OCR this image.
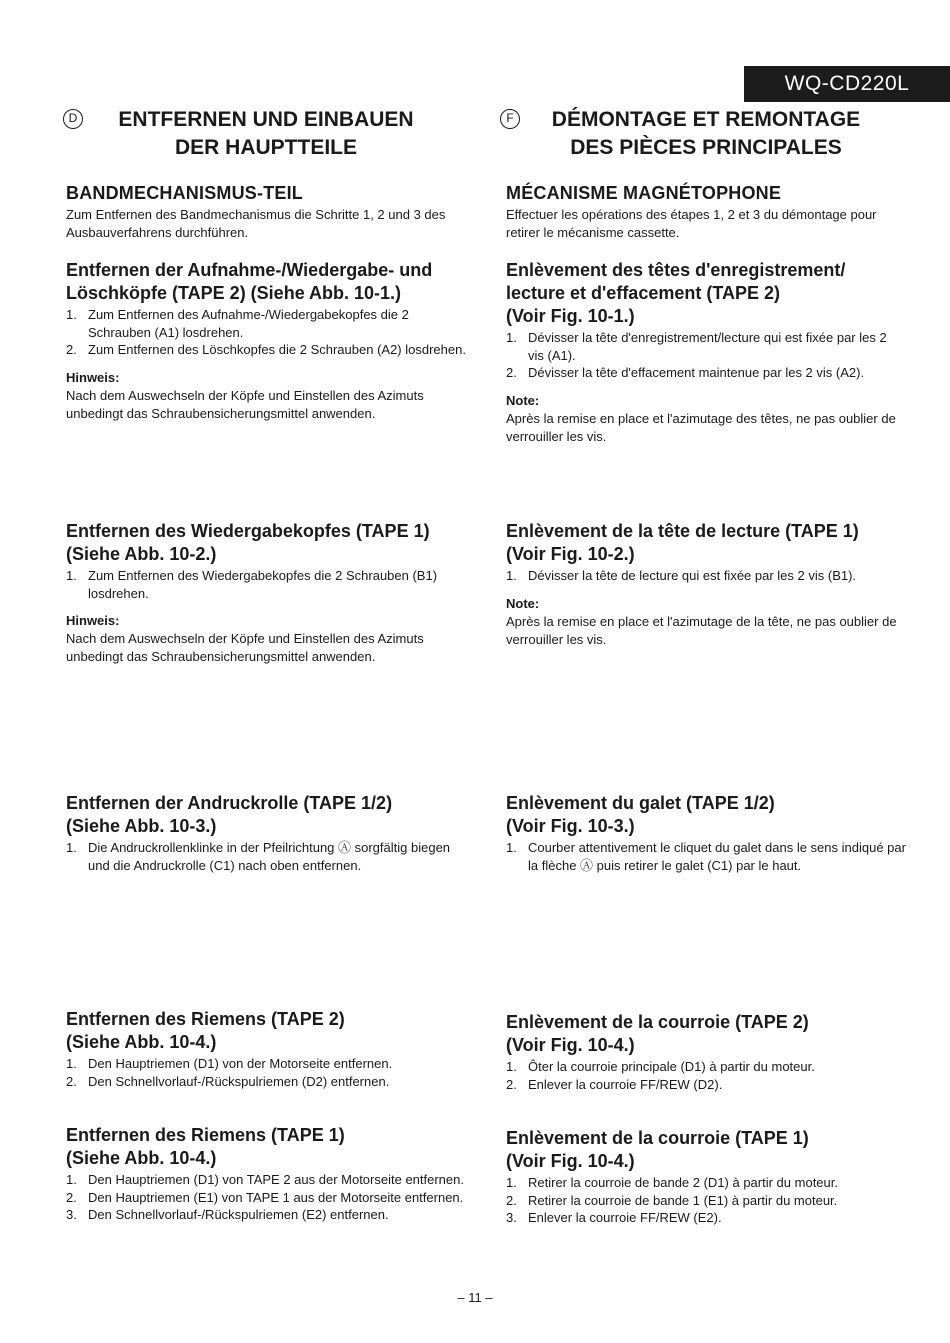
WQ-CD220L
D	ENTFERNEN UND EINBAUEN
DER HAUPTTEILE
BANDMECHANISMUS-TEIL
Zum Entfernen des Bandmechanismus die Schritte 1, 2 und 3 des Ausbauverfahrens durchführen.
Entfernen der Aufnahme-/Wiedergabe- und
Löschköpfe (TAPE 2) (Siehe Abb. 10-1.)
1. Zum Entfernen des Aufnahme-/Wiedergabekopfes die 2 Schrauben (A1) losdrehen.
2. Zum Entfernen des Löschkopfes die 2 Schrauben (A2) losdrehen.
Hinweis:
Nach dem Auswechseln der Köpfe und Einstellen des Azimuts unbedingt das Schraubensicherungsmittel anwenden.
Entfernen des Wiedergabekopfes (TAPE 1)
(Siehe Abb. 10-2.)
1. Zum Entfernen des Wiedergabekopfes die 2 Schrauben (B1) losdrehen.
Hinweis:
Nach dem Auswechseln der Köpfe und Einstellen des Azimuts unbedingt das Schraubensicherungsmittel anwenden.
Entfernen der Andruckrolle (TAPE 1/2)
(Siehe Abb. 10-3.)
1. Die Andruckrollenklinke in der Pfeilrichtung Ⓐ sorgfältig biegen und die Andruckrolle (C1) nach oben entfernen.
Entfernen des Riemens (TAPE 2)
(Siehe Abb. 10-4.)
1. Den Hauptriemen (D1) von der Motorseite entfernen.
2. Den Schnellvorlauf-/Rückspulriemen (D2) entfernen.
Entfernen des Riemens (TAPE 1)
(Siehe Abb. 10-4.)
1. Den Hauptriemen (D1) von TAPE 2 aus der Motorseite entfernen.
2. Den Hauptriemen (E1) von TAPE 1 aus der Motorseite entfernen.
3. Den Schnellvorlauf-/Rückspulriemen (E2) entfernen.
F	DÉMONTAGE ET REMONTAGE
DES PIÈCES PRINCIPALES
MÉCANISME MAGNÉTOPHONE
Effectuer les opérations des étapes 1, 2 et 3 du démontage pour retirer le mécanisme cassette.
Enlèvement des têtes d'enregistrement/
lecture et d'effacement (TAPE 2)
(Voir Fig. 10-1.)
1. Dévisser la tête d'enregistrement/lecture qui est fixée par les 2 vis (A1).
2. Dévisser la tête d'effacement maintenue par les 2 vis (A2).
Note:
Après la remise en place et l'azimutage des têtes, ne pas oublier de verrouiller les vis.
Enlèvement de la tête de lecture (TAPE 1)
(Voir Fig. 10-2.)
1. Dévisser la tête de lecture qui est fixée par les 2 vis (B1).
Note:
Après la remise en place et l'azimutage de la tête, ne pas oublier de verrouiller les vis.
Enlèvement du galet (TAPE 1/2)
(Voir Fig. 10-3.)
1. Courber attentivement le cliquet du galet dans le sens indiqué par la flèche Ⓐ puis retirer le galet (C1) par le haut.
Enlèvement de la courroie (TAPE 2)
(Voir Fig. 10-4.)
1. Ôter la courroie principale (D1) à partir du moteur.
2. Enlever la courroie FF/REW (D2).
Enlèvement de la courroie (TAPE 1)
(Voir Fig. 10-4.)
1. Retirer la courroie de bande 2 (D1) à partir du moteur.
2. Retirer la courroie de bande 1 (E1) à partir du moteur.
3. Enlever la courroie FF/REW (E2).
– 11 –
